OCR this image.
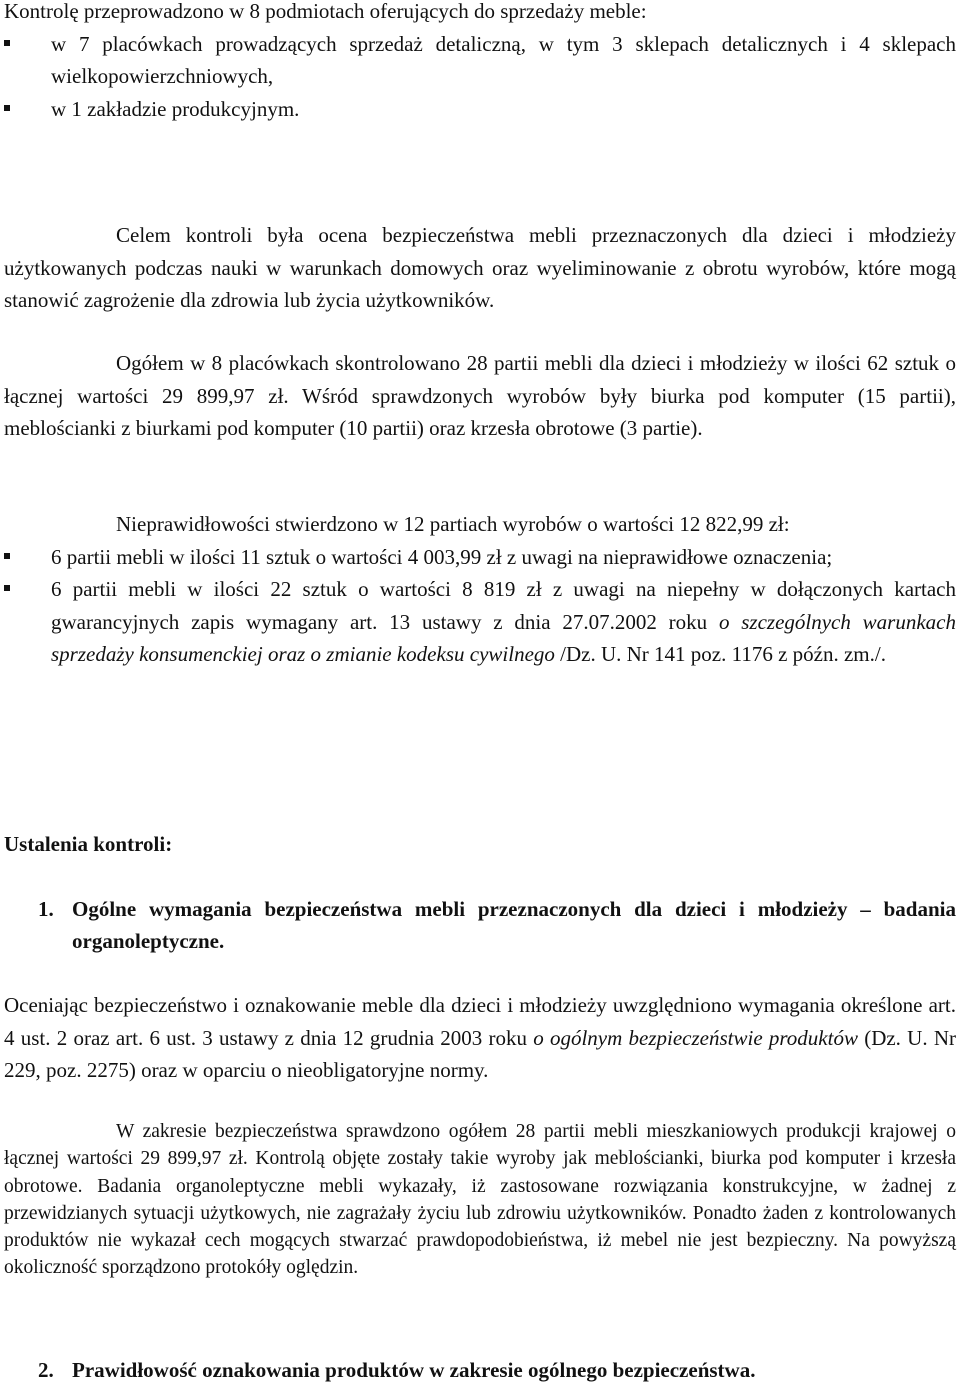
Kontrolę przeprowadzono w 8 podmiotach oferujących do sprzedaży meble:

w 7 placówkach prowadzących sprzedaż detaliczną, w tym 3 sklepach detalicznych i 4 sklepach wielkopowierzchniowych,
w 1 zakładzie produkcyjnym.

Celem kontroli była ocena bezpieczeństwa mebli przeznaczonych dla dzieci i młodzieży użytkowanych podczas nauki w warunkach domowych oraz wyeliminowanie z obrotu wyrobów, które mogą stanowić zagrożenie dla zdrowia lub życia użytkowników.

Ogółem w 8 placówkach skontrolowano 28 partii mebli dla dzieci i młodzieży w ilości 62 sztuk o łącznej wartości 29 899,97 zł. Wśród sprawdzonych wyrobów były biurka pod komputer (15 partii), meblościanki z biurkami pod komputer (10 partii) oraz krzesła obrotowe (3 partie).

Nieprawidłowości stwierdzono w 12 partiach wyrobów o wartości 12 822,99 zł:

6 partii mebli w ilości 11 sztuk o wartości 4 003,99 zł z uwagi na nieprawidłowe oznaczenia;
6 partii mebli w ilości 22 sztuk o wartości 8 819 zł z uwagi na niepełny w dołączonych kartach gwarancyjnych zapis wymagany art. 13 ustawy z dnia 27.07.2002 roku o szczególnych warunkach sprzedaży konsumenckiej oraz o zmianie kodeksu cywilnego /Dz. U. Nr 141 poz. 1176 z późn. zm./.
Ustalenia kontroli:
1. Ogólne wymagania bezpieczeństwa mebli przeznaczonych dla dzieci i młodzieży – badania organoleptyczne.

Oceniając bezpieczeństwo i oznakowanie meble dla dzieci i młodzieży uwzględniono wymagania określone art. 4 ust. 2 oraz art. 6 ust. 3 ustawy z dnia 12 grudnia 2003 roku o ogólnym bezpieczeństwie produktów (Dz. U. Nr 229, poz. 2275) oraz w oparciu o nieobligatoryjne normy.

W zakresie bezpieczeństwa sprawdzono ogółem 28 partii mebli mieszkaniowych produkcji krajowej o łącznej wartości 29 899,97 zł. Kontrolą objęte zostały takie wyroby jak meblościanki, biurka pod komputer i krzesła obrotowe. Badania organoleptyczne mebli wykazały, iż zastosowane rozwiązania konstrukcyjne, w żadnej z przewidzianych sytuacji użytkowych, nie zagrażały życiu lub zdrowiu użytkowników. Ponadto żaden z kontrolowanych produktów nie wykazał cech mogących stwarzać prawdopodobieństwa, iż mebel nie jest bezpieczny. Na powyższą okoliczność sporządzono protokóły oględzin.

2. Prawidłowość oznakowania produktów w zakresie ogólnego bezpieczeństwa.
